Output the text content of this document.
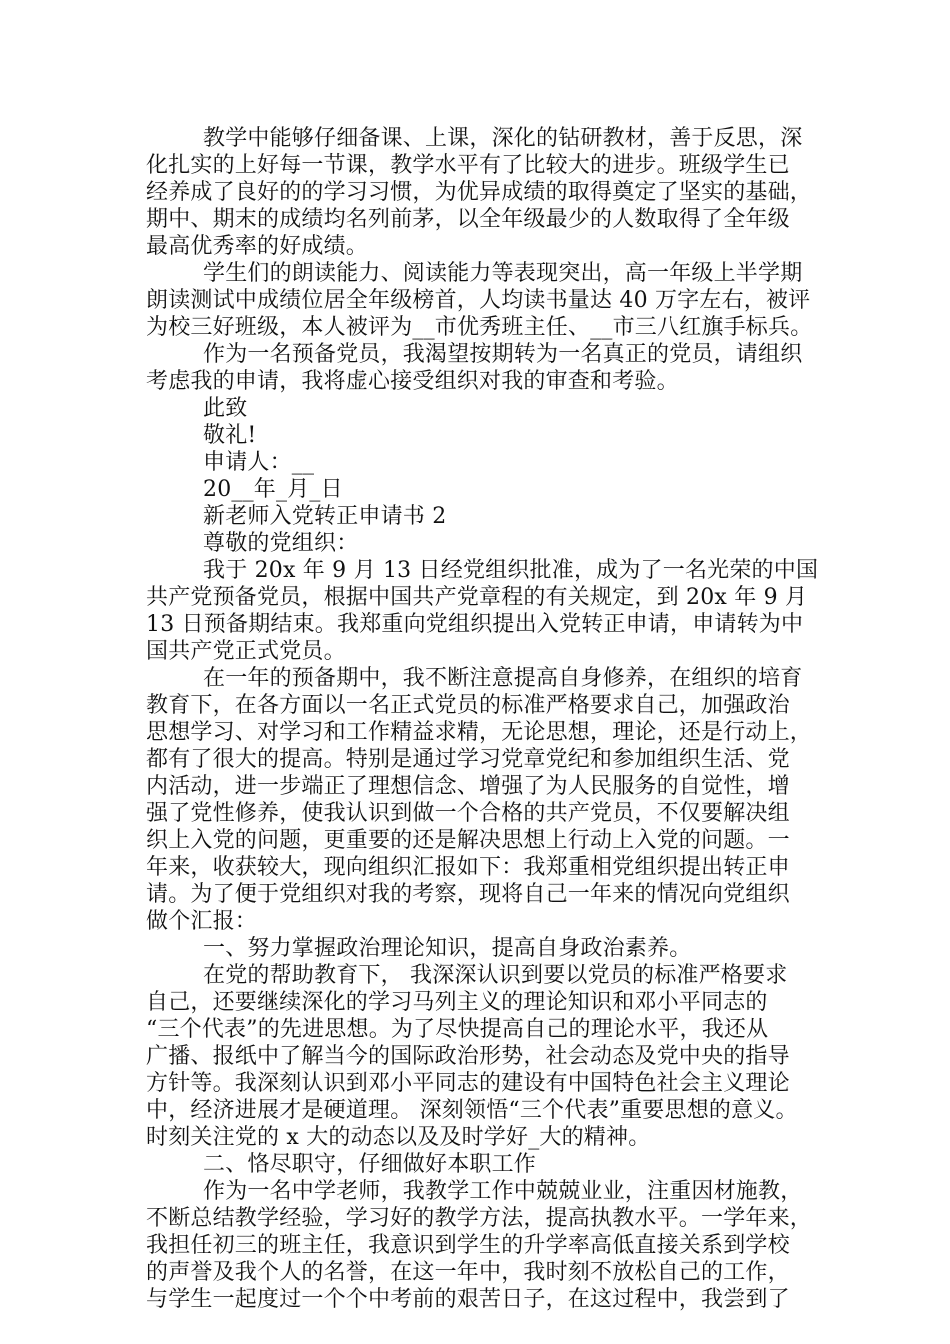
教学中能够仔细备课、上课，深化的钻研教材，善于反思，深
化扎实的上好每一节课，教学水平有了比较大的进步。班级学生已
经养成了良好的的学习习惯，为优异成绩的取得奠定了坚实的基础，
期中、期末的成绩均名列前茅，以全年级最少的人数取得了全年级
最高优秀率的好成绩。
学生们的朗读能力、阅读能力等表现突出，高一年级上半学期
朗读测试中成绩位居全年级榜首，人均读书量达 40 万字左右，被评
为校三好班级，本人被评为__市优秀班主任、__市三八红旗手标兵。
作为一名预备党员，我渴望按期转为一名真正的党员，请组织
考虑我的申请，我将虚心接受组织对我的审查和考验。
此致
敬礼!
申请人：__
20__年_月_日
新老师入党转正申请书 2
尊敬的党组织：
我于 20x 年 9 月 13 日经党组织批准，成为了一名光荣的中国
共产党预备党员，根据中国共产党章程的有关规定，到 20x 年 9 月
13 日预备期结束。我郑重向党组织提出入党转正申请，申请转为中
国共产党正式党员。
在一年的预备期中，我不断注意提高自身修养，在组织的培育
教育下，在各方面以一名正式党员的标准严格要求自己，加强政治
思想学习、对学习和工作精益求精，无论思想，理论，还是行动上，
都有了很大的提高。特别是通过学习党章党纪和参加组织生活、党
内活动，进一步端正了理想信念、增强了为人民服务的自觉性，增
强了党性修养，使我认识到做一个合格的共产党员，不仅要解决组
织上入党的问题，更重要的还是解决思想上行动上入党的问题。一
年来，收获较大，现向组织汇报如下：我郑重相党组织提出转正申
请。为了便于党组织对我的考察，现将自己一年来的情况向党组织
做个汇报：
一、努力掌握政治理论知识，提高自身政治素养。
在党的帮助教育下， 我深深认识到要以党员的标准严格要求
自己，还要继续深化的学习马列主义的理论知识和邓小平同志的
“三个代表”的先进思想。为了尽快提高自己的理论水平，我还从
广播、报纸中了解当今的国际政治形势，社会动态及党中央的指导
方针等。我深刻认识到邓小平同志的建设有中国特色社会主义理论
中，经济进展才是硬道理。 深刻领悟“三个代表”重要思想的意义。
时刻关注党的 x 大的动态以及及时学好_大的精神。
二、恪尽职守，仔细做好本职工作
作为一名中学老师，我教学工作中兢兢业业，注重因材施教，
不断总结教学经验，学习好的教学方法，提高执教水平。一学年来，
我担任初三的班主任，我意识到学生的升学率高低直接关系到学校
的声誉及我个人的名誉，在这一年中，我时刻不放松自己的工作，
与学生一起度过一个个中考前的艰苦日子，在这过程中，我尝到了
